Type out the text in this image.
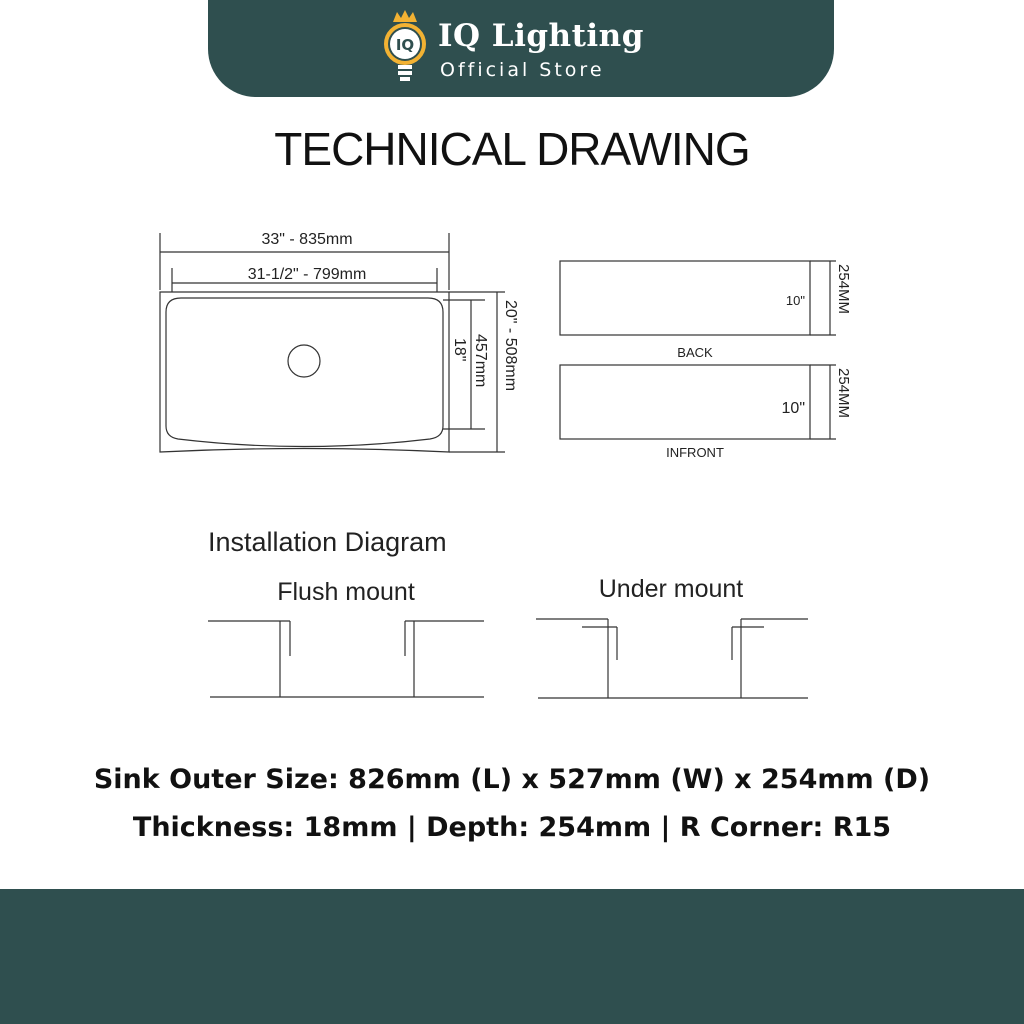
IQ IQ Lighting
Official Store
TECHNICAL DRAWING
33" - 835mm
31-1/2" - 799mm
20" - 508mm
18" 457mm
10" 254MM
BACK
10" 254MM
INFRONT
Installation Diagram
Flush mount	Under mount
Sink Outer Size: 826mm (L) x 527mm (W) x 254mm (D)
Thickness: 18mm | Depth: 254mm | R Corner: R15
